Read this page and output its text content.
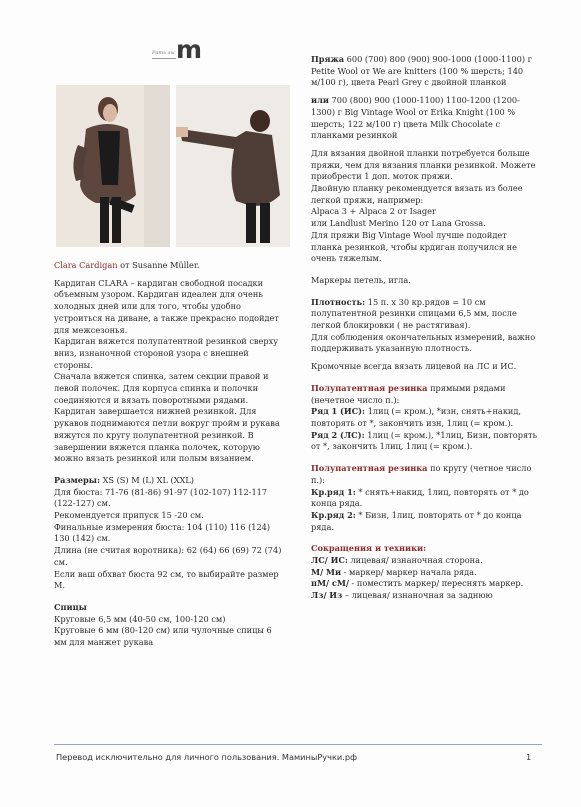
Рать лы m

Clara Cardigan от Susanne Müller.

Кардиган CLARA – кардиган свободной посадки объемным узором. Кардиган идеален для очень холодных дней или для того, чтобы удобно устроиться на диване, а также прекрасно подойдет для межсезонья.

Кардиган вяжется полупатентной резинкой сверху вниз, изнаночной стороной узора с внешней стороны.

Сначала вяжется спинка, затем секции правой и левой полочек. Для корпуса спинка и полочки соединяются и вязать поворотными рядами. Кардиган завершается нижней резинкой. Для рукавов поднимаются петли вокруг пройм и рукава вяжутся по кругу полупатентной резинкой. В завершении вяжется планка полочек, которую можно вязать резинкой или полым вязанием.

Размеры: XS (S) M (L) XL (XXL)

Для бюста: 71-76 (81-86) 91-97 (102-107) 112-117 (122-127) см.

Рекомендуется припуск 15 -20 см.

Финальные измерения бюста: 104 (110) 116 (124) 130 (142) см.

Длина (не считая воротника): 62 (64) 66 (69) 72 (74) см.

Если ваш обхват бюста 92 см, то выбирайте размер М.

Спицы

Круговые 6,5 мм (40-50 см, 100-120 см)

Круговые 6 мм (80-120 см) или чулочные спицы 6 мм для манжет рукава

Пряжа 600 (700) 800 (900) 900-1000 (1000-1100) г Petite Wool от We are knitters (100 % шерсть; 140 м/100 г), цвета Pearl Grey с двойной планкой

или 700 (800) 900 (1000-1100) 1100-1200 (1200-1300) г Big Vintage Wool от Erika Knight (100 % шерсть; 122 м/100 г) цвета Milk Chocolate с планками резинкой

Для вязания двойной планки потребуется больше пряжи, чем для вязания планки резинкой. Можете приобрести 1 доп. моток пряжи.

Двойную планку рекомендуется вязать из более легкой пряжи, например:

Alpaca 3 + Alpaca 2 от Isager

или Landlust Merino 120 от Lana Grossa.

Для пряжи Big Vintage Wool лучше подойдет планка резинкой, чтобы крдиган получился не очень тяжелым.

Маркеры петель, игла.

Плотность: 15 п. х 30 кр.рядов = 10 см полупатентной резинки спицами 6,5 мм, после легкой блокировки ( не растягивая).

Для соблюдения окончательных измерений, важно поддерживать указанную плотность.

Кромочные всегда вязать лицевой на ЛС и ИС.

Полупатентная резинка прямыми рядами (нечетное число п.):

Ряд 1 (ИС): 1лиц (= кром.), *изн, снять+накид, повторять от *, закончить изн, 1лиц (= кром.).

Ряд 2 (ЛС): 1лиц (= кром.), *1лиц, Бизн, повторять от *, закончить 1лиц, 1лиц (= кром.).

Полупатентная резинка по кругу (четное число п.):

Кр.ряд 1: * снять+накид, 1лиц, повторять от * до конца ряда.

Кр.ряд 2: * Бизн, 1лиц, повторять от * до конца ряда.

Сокращения и техники:

ЛС/ ИС: лицевая/ изнаночная сторона.

М/ Ми - маркер/ маркер начала ряда.

пМ/ сМ/ - поместить маркер/ переснять маркер.

Лз/ Из – лицевая/ изнаночная за заднюю

Перевод исключительно для личного пользования. МаминыРучки.рф	1
